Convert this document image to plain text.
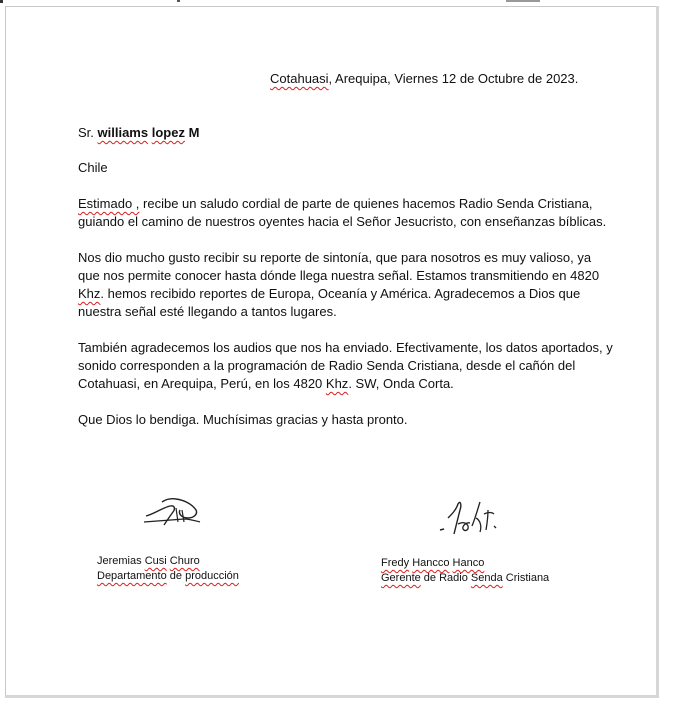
Cotahuasi, Arequipa, Viernes 12 de Octubre de 2023.
Sr. williams lopez M
Chile
Estimado , recibe un saludo cordial de parte de quienes hacemos Radio Senda Cristiana,
guiando el camino de nuestros oyentes hacia el Señor Jesucristo, con enseñanzas bíblicas.
Nos dio mucho gusto recibir su reporte de sintonía, que para nosotros es muy valioso, ya
que nos permite conocer hasta dónde llega nuestra señal. Estamos transmitiendo en 4820
Khz. hemos recibido reportes de Europa, Oceanía y América. Agradecemos a Dios que
nuestra señal esté llegando a tantos lugares.
También agradecemos los audios que nos ha enviado. Efectivamente, los datos aportados, y
sonido corresponden a la programación de Radio Senda Cristiana, desde el cañón del
Cotahuasi, en Arequipa, Perú, en los 4820 Khz. SW, Onda Corta.
Que Dios lo bendiga. Muchísimas gracias y hasta pronto.
Jeremias Cusi Churo
Departamento de producción
Fredy Hancco Hanco
Gerente de Radio Senda Cristiana
